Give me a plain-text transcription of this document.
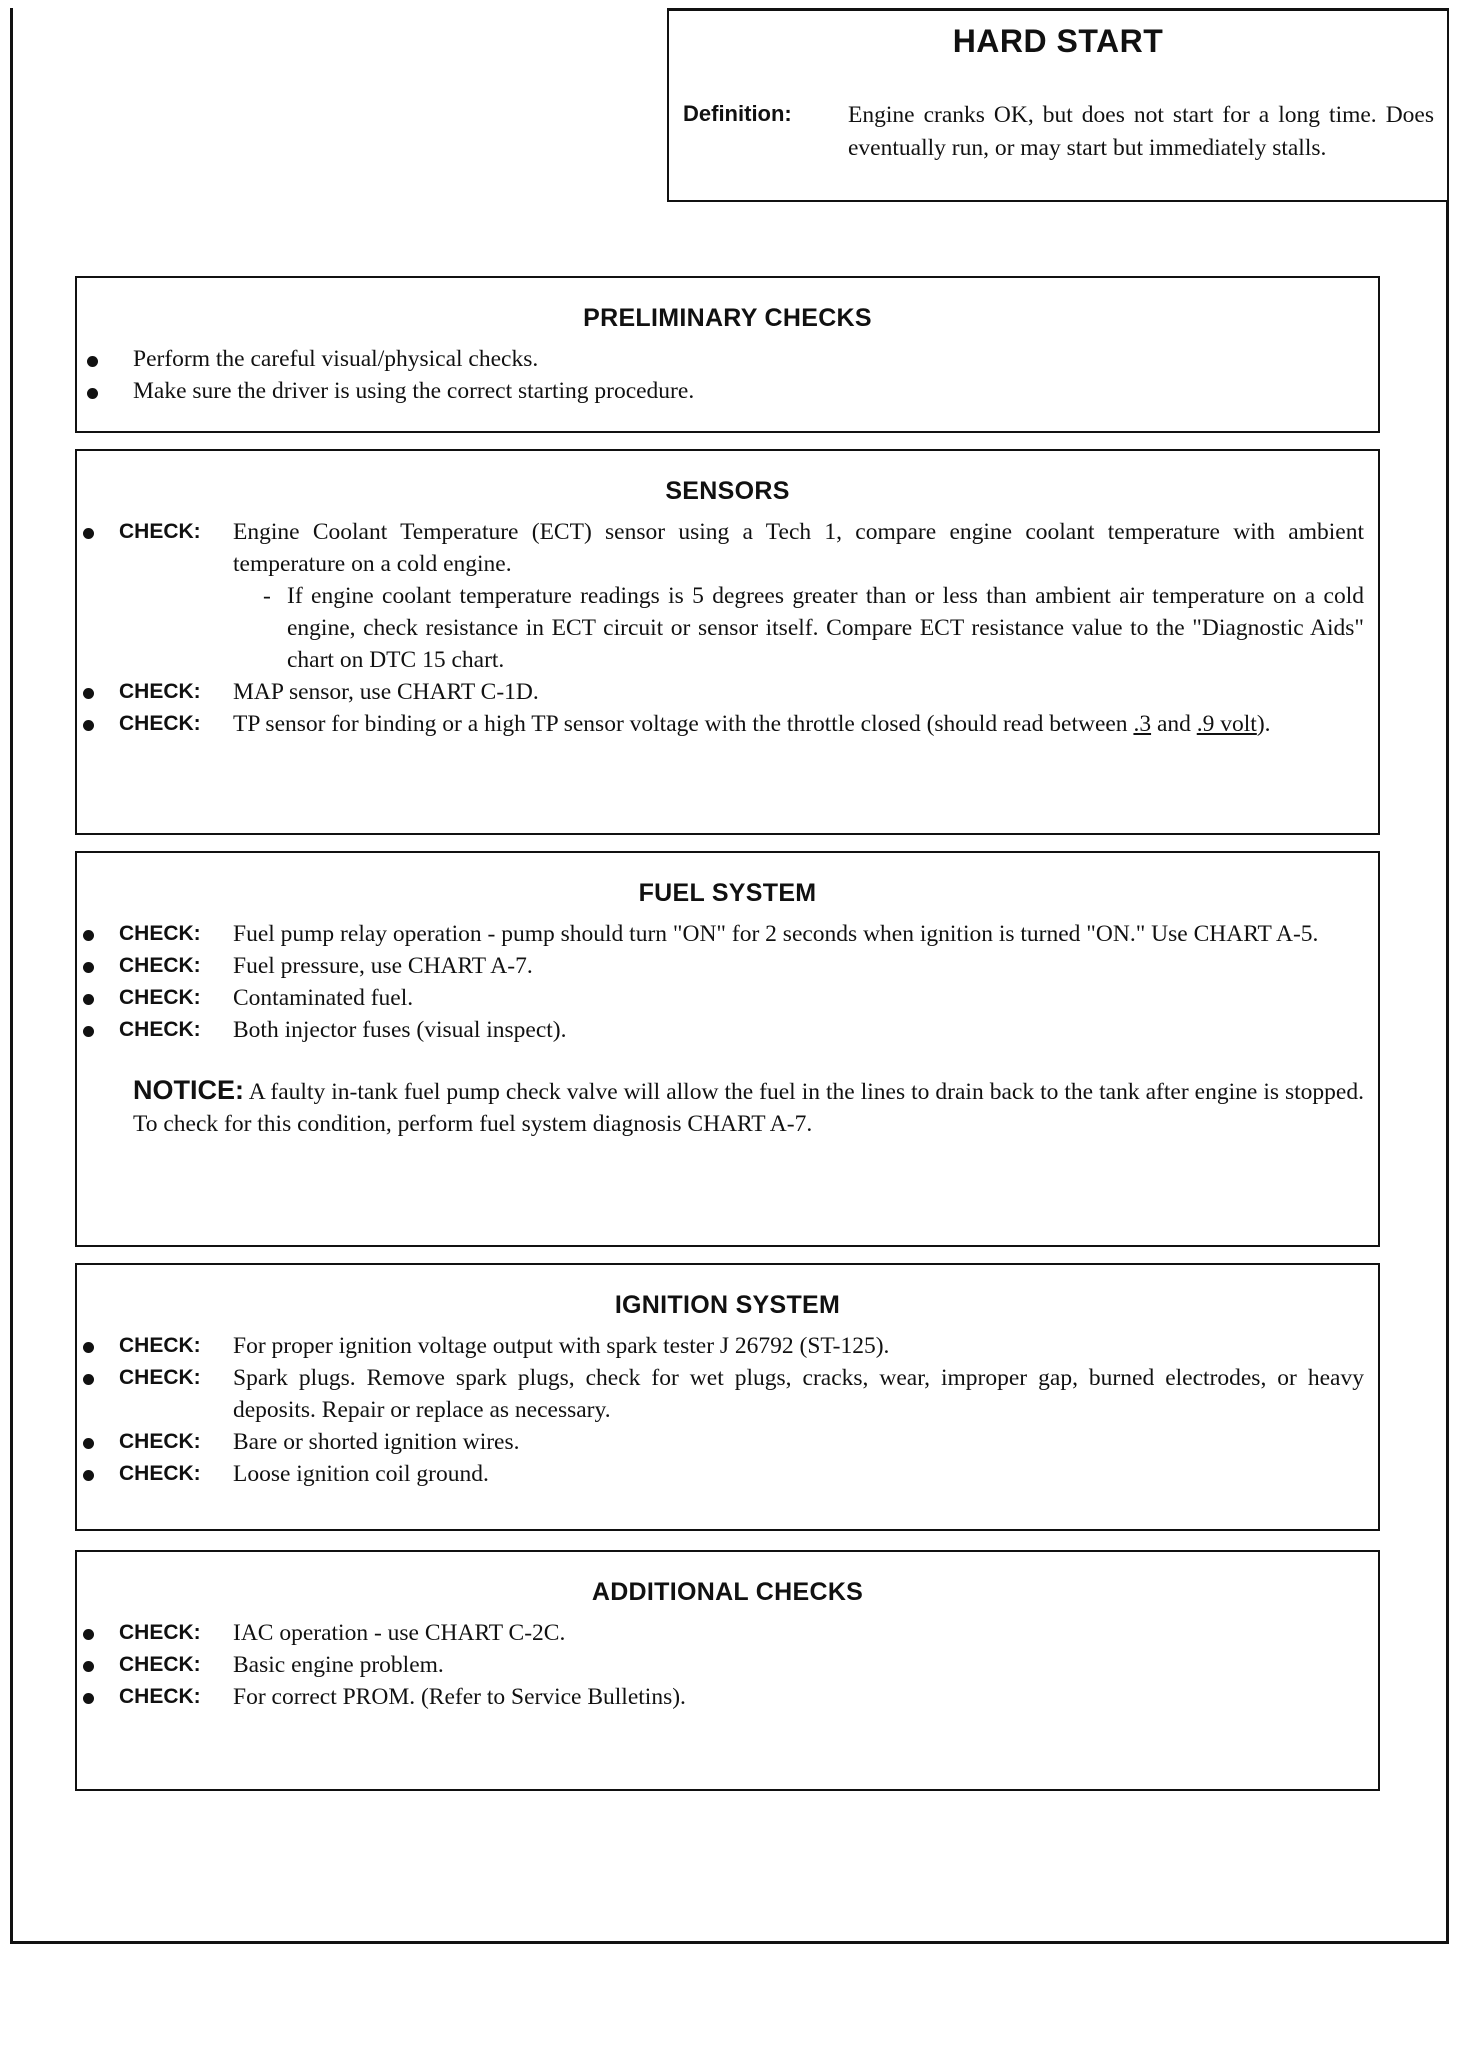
HARD START
Definition: Engine cranks OK, but does not start for a long time. Does eventually run, or may start but immediately stalls.
PRELIMINARY CHECKS
Perform the careful visual/physical checks.
Make sure the driver is using the correct starting procedure.
SENSORS
CHECK: Engine Coolant Temperature (ECT) sensor using a Tech 1, compare engine coolant temperature with ambient temperature on a cold engine.
- If engine coolant temperature readings is 5 degrees greater than or less than ambient air temperature on a cold engine, check resistance in ECT circuit or sensor itself. Compare ECT resistance value to the "Diagnostic Aids" chart on DTC 15 chart.
CHECK: MAP sensor, use CHART C-1D.
CHECK: TP sensor for binding or a high TP sensor voltage with the throttle closed (should read between .3 and .9 volt).
FUEL SYSTEM
CHECK: Fuel pump relay operation - pump should turn "ON" for 2 seconds when ignition is turned "ON." Use CHART A-5.
CHECK: Fuel pressure, use CHART A-7.
CHECK: Contaminated fuel.
CHECK: Both injector fuses (visual inspect).
NOTICE: A faulty in-tank fuel pump check valve will allow the fuel in the lines to drain back to the tank after engine is stopped. To check for this condition, perform fuel system diagnosis CHART A-7.
IGNITION SYSTEM
CHECK: For proper ignition voltage output with spark tester J 26792 (ST-125).
CHECK: Spark plugs. Remove spark plugs, check for wet plugs, cracks, wear, improper gap, burned electrodes, or heavy deposits. Repair or replace as necessary.
CHECK: Bare or shorted ignition wires.
CHECK: Loose ignition coil ground.
ADDITIONAL CHECKS
CHECK: IAC operation - use CHART C-2C.
CHECK: Basic engine problem.
CHECK: For correct PROM. (Refer to Service Bulletins).
